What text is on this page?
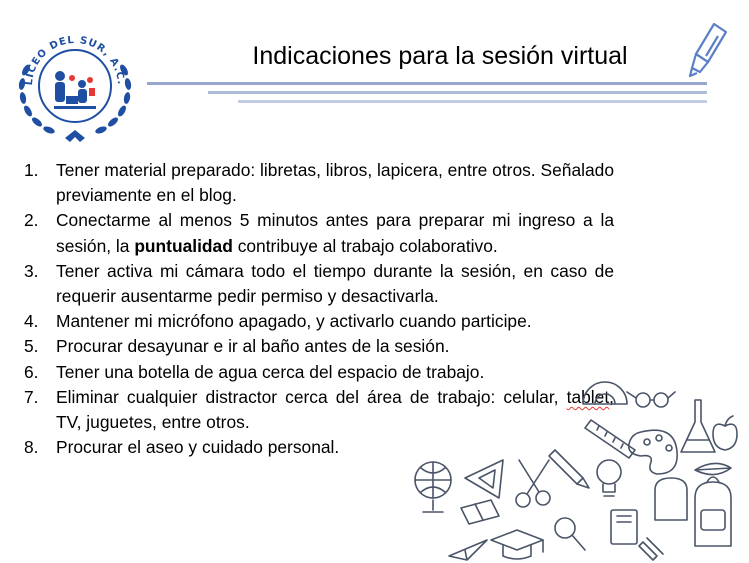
LICEO DEL SUR, A.C.
Indicaciones para la sesión virtual
1. Tener material preparado: libretas, libros, lapicera, entre otros. Señalado previamente en el blog.
2. Conectarme al menos 5 minutos antes para preparar mi ingreso a la sesión, la puntualidad contribuye al trabajo colaborativo.
3. Tener activa mi cámara todo el tiempo durante la sesión, en caso de requerir ausentarme pedir permiso y desactivarla.
4. Mantener mi micrófono apagado, y activarlo cuando participe.
5. Procurar desayunar e ir al baño antes de la sesión.
6. Tener una botella de agua cerca del espacio de trabajo.
7. Eliminar cualquier distractor cerca del área de trabajo: celular, tablet, TV, juguetes, entre otros.
8. Procurar el aseo y cuidado personal.
